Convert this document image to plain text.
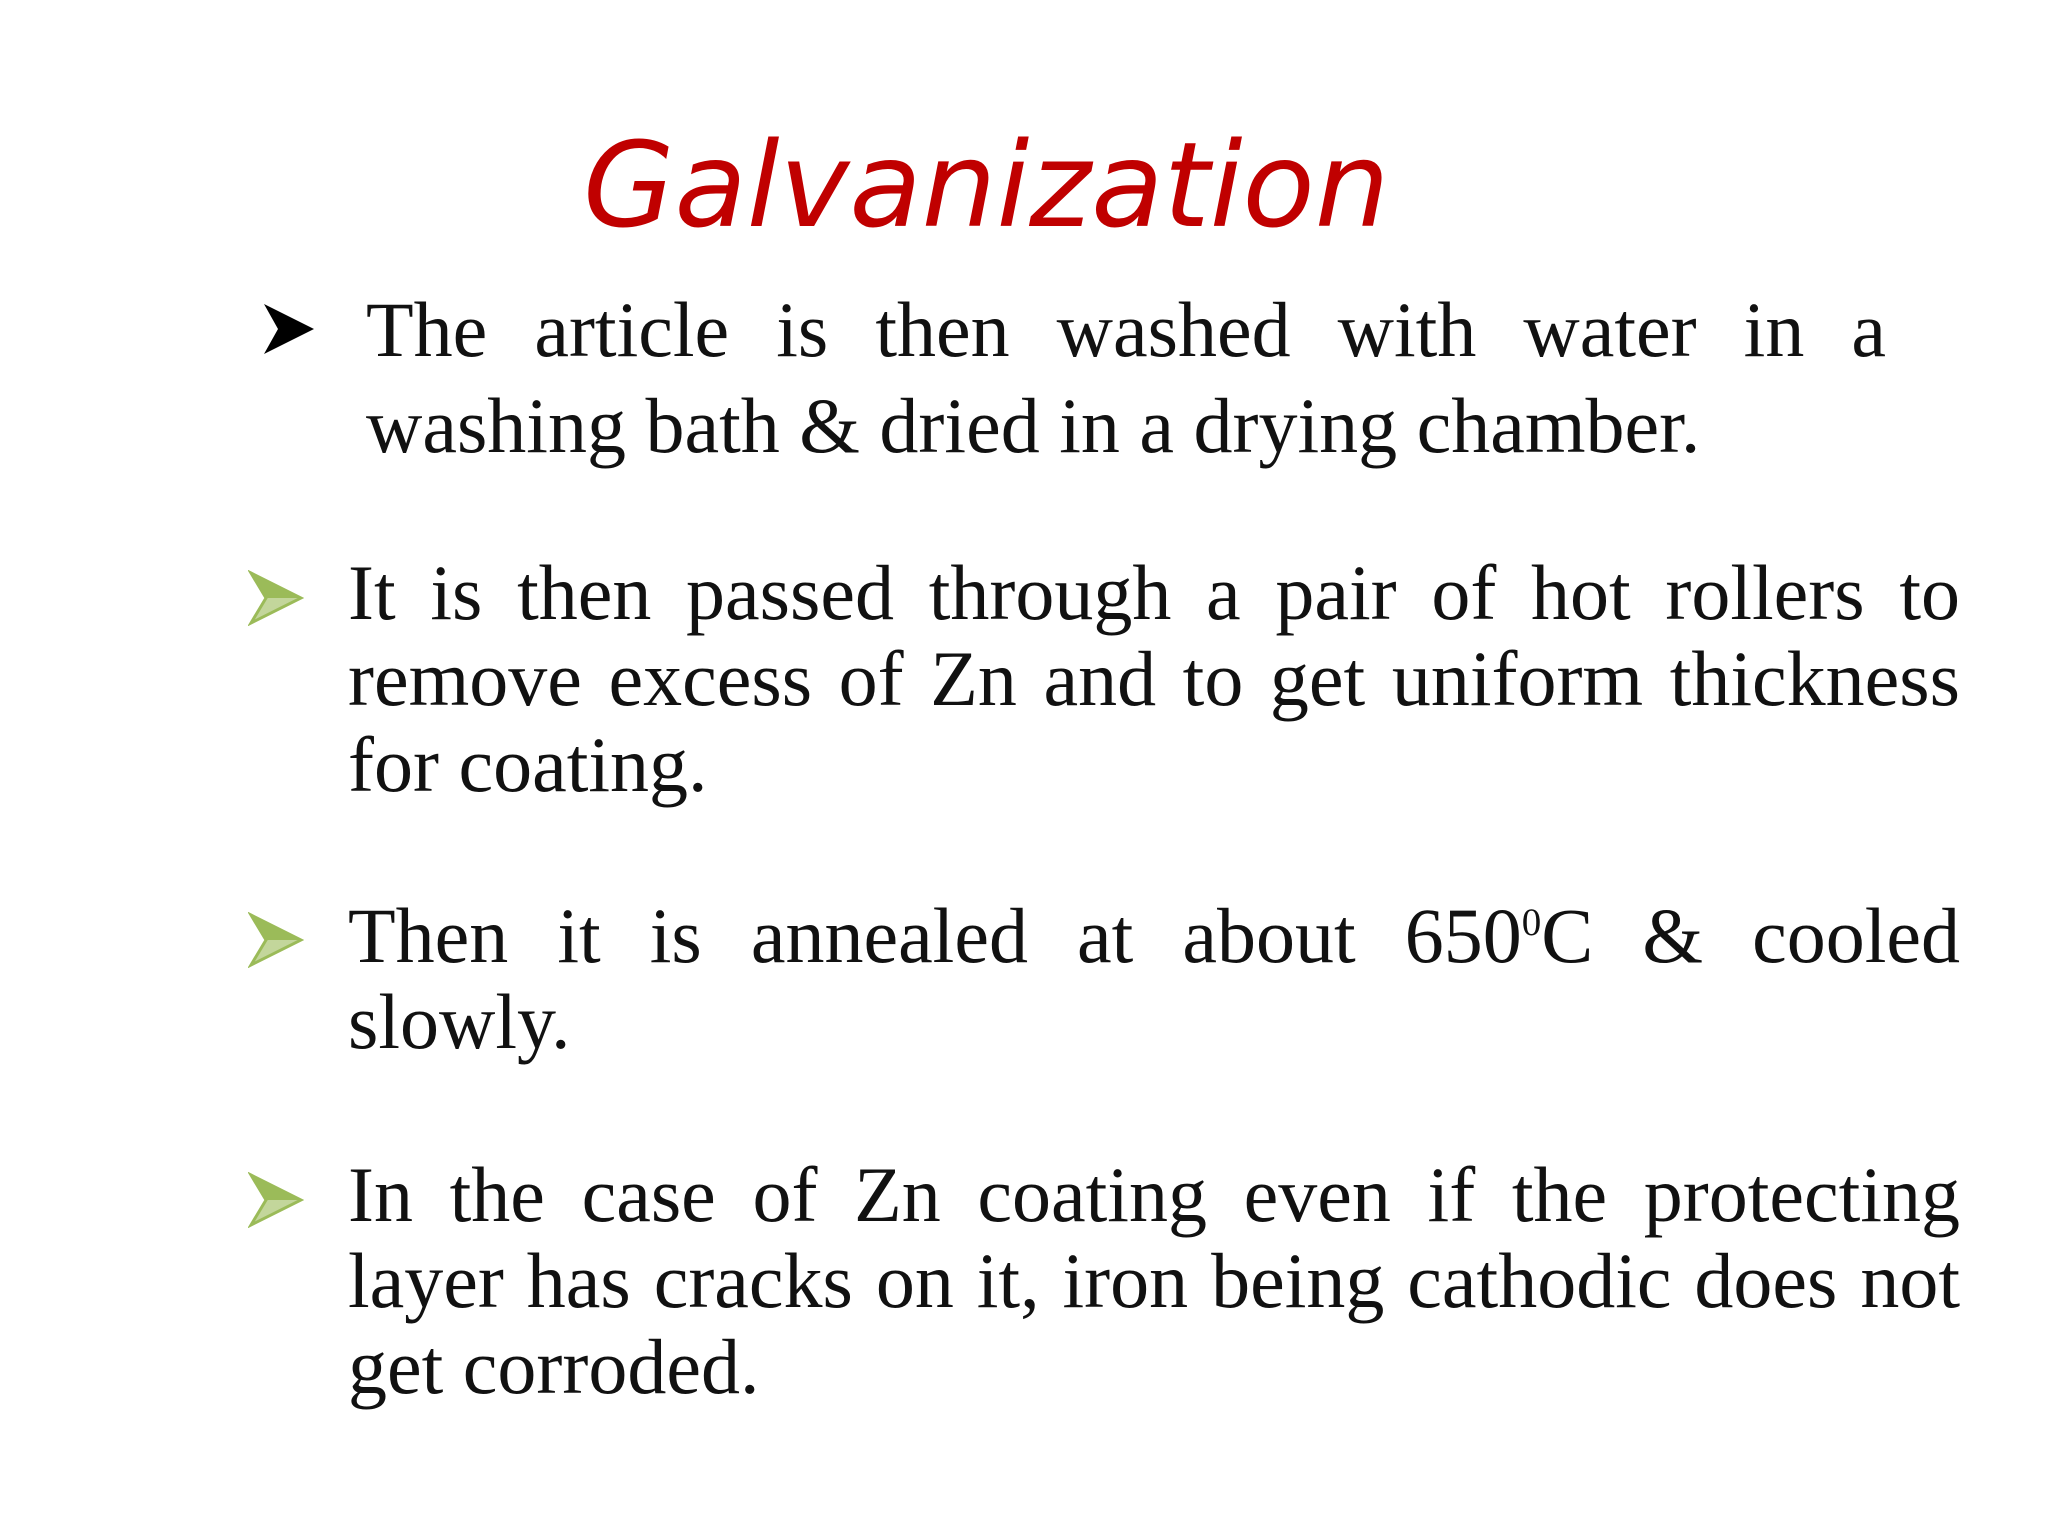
Galvanization

The article is then washed with water in a washing bath & dried in a drying chamber.

It is then passed through a pair of hot rollers to remove excess of Zn and to get uniform thickness for coating.

Then it is annealed at about $650^0C$ & cooled slowly.

In the case of Zn coating even if the protecting layer has cracks on it, iron being cathodic does not get corroded.
